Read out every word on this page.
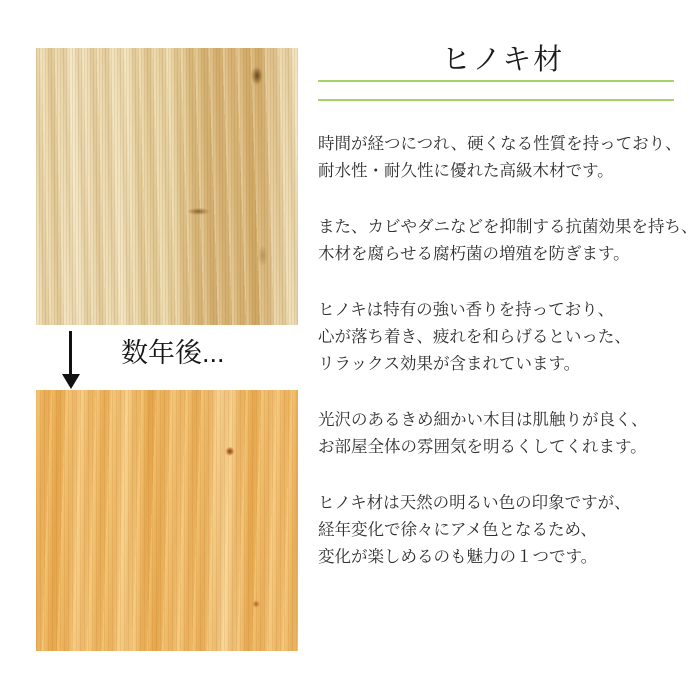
数年後...
ヒノキ材
時間が経つにつれ、硬くなる性質を持っており、
耐水性・耐久性に優れた高級木材です。
また、カビやダニなどを抑制する抗菌効果を持ち、
木材を腐らせる腐朽菌の増殖を防ぎます。
ヒノキは特有の強い香りを持っており、
心が落ち着き、疲れを和らげるといった、
リラックス効果が含まれています。
光沢のあるきめ細かい木目は肌触りが良く、
お部屋全体の雰囲気を明るくしてくれます。
ヒノキ材は天然の明るい色の印象ですが、
経年変化で徐々にアメ色となるため、
変化が楽しめるのも魅力の１つです。
